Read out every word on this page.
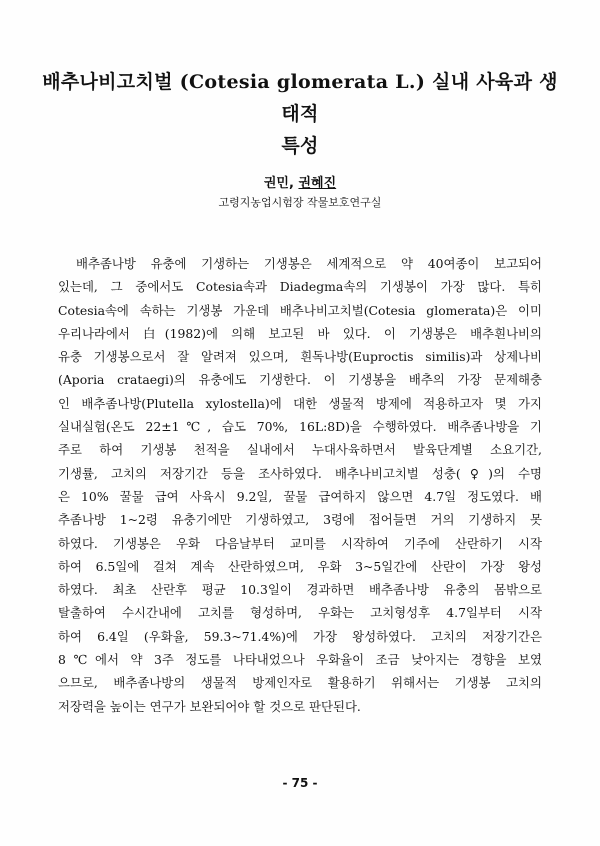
배추나비고치벌 (Cotesia glomerata L.) 실내 사육과 생태적
특성
권민, 권혜진
고령지농업시험장 작물보호연구실
배추좀나방 유충에 기생하는 기생봉은 세계적으로 약 40여종이 보고되어
있는데, 그 중에서도 Cotesia속과 Diadegma속의 기생봉이 가장 많다. 특히
Cotesia속에 속하는 기생봉 가운데 배추나비고치벌(Cotesia glomerata)은 이미
우리나라에서 白(1982)에 의해 보고된 바 있다. 이 기생봉은 배추흰나비의
유충 기생봉으로서 잘 알려져 있으며, 흰독나방(Euproctis similis)과 상제나비
(Aporia crataegi)의 유충에도 기생한다. 이 기생봉을 배추의 가장 문제해충
인 배추좀나방(Plutella xylostella)에 대한 생물적 방제에 적용하고자 몇 가지
실내실험(온도 22±1℃, 습도 70%, 16L:8D)을 수행하였다. 배추좀나방을 기
주로 하여 기생봉 천적을 실내에서 누대사육하면서 발육단계별 소요기간,
기생률, 고치의 저장기간 등을 조사하였다. 배추나비고치벌 성충(♀)의 수명
은 10% 꿀물 급여 사육시 9.2일, 꿀물 급여하지 않으면 4.7일 정도였다. 배
추좀나방 1~2령 유충기에만 기생하였고, 3령에 접어들면 거의 기생하지 못
하였다. 기생봉은 우화 다음날부터 교미를 시작하여 기주에 산란하기 시작
하여 6.5일에 걸쳐 계속 산란하였으며, 우화 3~5일간에 산란이 가장 왕성
하였다. 최초 산란후 평균 10.3일이 경과하면 배추좀나방 유충의 몸밖으로
탈출하여 수시간내에 고치를 형성하며, 우화는 고치형성후 4.7일부터 시작
하여 6.4일 (우화율, 59.3~71.4%)에 가장 왕성하였다. 고치의 저장기간은
8℃에서 약 3주 정도를 나타내었으나 우화율이 조금 낮아지는 경향을 보였
으므로, 배추좀나방의 생물적 방제인자로 활용하기 위해서는 기생봉 고치의
저장력을 높이는 연구가 보완되어야 할 것으로 판단된다.
- 75 -
